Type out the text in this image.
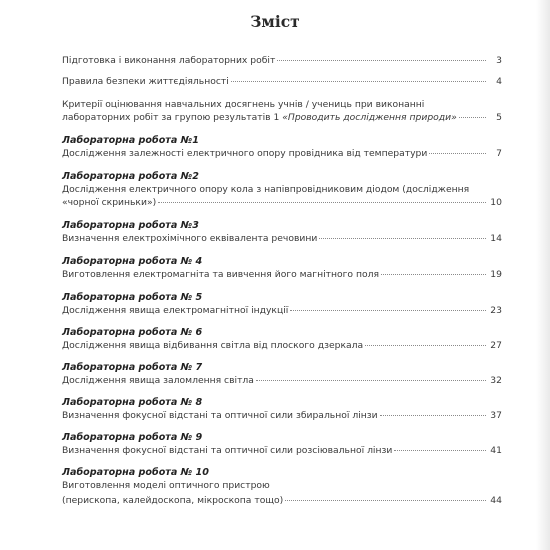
Зміст
Підготовка і виконання лабораторних робіт	3
Правила безпеки життєдіяльності	4
Критерії оцінювання навчальних досягнень учнів / учениць при виконанні
лабораторних робіт за групою результатів 1 «Проводить дослідження природи»	5
Лабораторна робота №1
Дослідження залежності електричного опору провідника від температури	7
Лабораторна робота №2
Дослідження електричного опору кола з напівпровідниковим діодом (дослідження
«чорної скриньки»)	10
Лабораторна робота №3
Визначення електрохімічного еквівалента речовини	14
Лабораторна робота № 4
Виготовлення електромагніта та вивчення його магнітного поля	19
Лабораторна робота № 5
Дослідження явища електромагнітної індукції	23
Лабораторна робота № 6
Дослідження явища відбивання світла від плоского дзеркала	27
Лабораторна робота № 7
Дослідження явища заломлення світла	32
Лабораторна робота № 8
Визначення фокусної відстані та оптичної сили збиральної лінзи	37
Лабораторна робота № 9
Визначення фокусної відстані та оптичної сили розсіювальної лінзи	41
Лабораторна робота № 10
Виготовлення моделі оптичного пристрою
(перископа, калейдоскопа, мікроскопа тощо)	44
